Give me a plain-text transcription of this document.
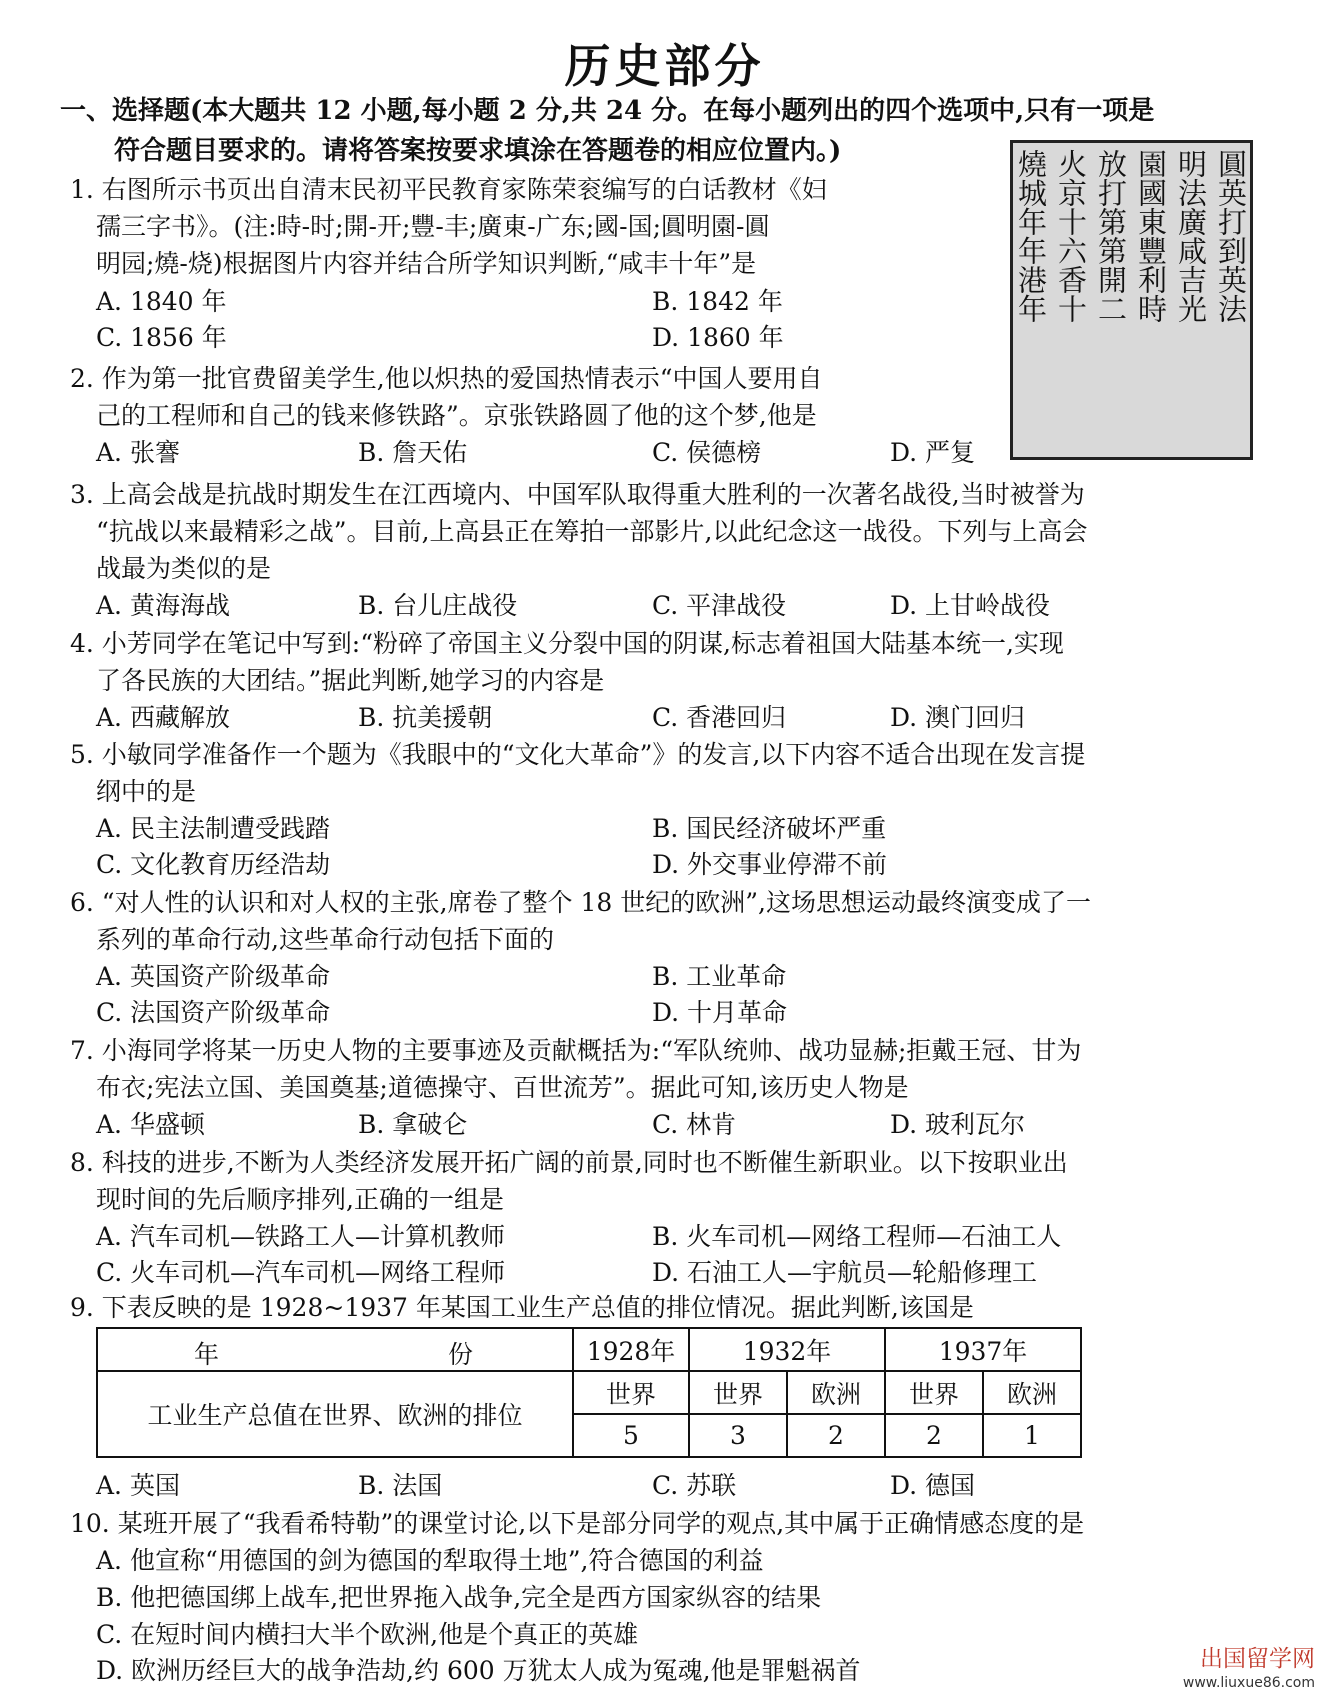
历史部分
一、选择题(本大题共 12 小题,每小题 2 分,共 24 分。在每小题列出的四个选项中,只有一项是
符合题目要求的。请将答案按要求填涂在答题卷的相应位置内。)	圓英打到英法
明法廣咸吉光
園國東豐利時
放打第第開二
火京十六香十
燒城年年港年
1. 右图所示书页出自清末民初平民教育家陈荣衮编写的白话教材《妇
孺三字书》。(注:時-时;開-开;豐-丰;廣東-广东;國-国;圓明園-圓
明园;燒-烧)根据图片内容并结合所学知识判断,“咸丰十年”是
A. 1840 年	B. 1842 年
C. 1856 年	D. 1860 年
2. 作为第一批官费留美学生,他以炽热的爱国热情表示“中国人要用自
己的工程师和自己的钱来修铁路”。京张铁路圆了他的这个梦,他是
A. 张謇	B. 詹天佑	C. 侯德榜	D. 严复
3. 上高会战是抗战时期发生在江西境内、中国军队取得重大胜利的一次著名战役,当时被誉为
“抗战以来最精彩之战”。目前,上高县正在筹拍一部影片,以此纪念这一战役。下列与上高会
战最为类似的是
A. 黄海海战	B. 台儿庄战役	C. 平津战役	D. 上甘岭战役
4. 小芳同学在笔记中写到:“粉碎了帝国主义分裂中国的阴谋,标志着祖国大陆基本统一,实现
了各民族的大团结。”据此判断,她学习的内容是
A. 西藏解放	B. 抗美援朝	C. 香港回归	D. 澳门回归
5. 小敏同学准备作一个题为《我眼中的“文化大革命”》的发言,以下内容不适合出现在发言提
纲中的是
A. 民主法制遭受践踏	B. 国民经济破坏严重
C. 文化教育历经浩劫	D. 外交事业停滞不前
6. “对人性的认识和对人权的主张,席卷了整个 18 世纪的欧洲”,这场思想运动最终演变成了一
系列的革命行动,这些革命行动包括下面的
A. 英国资产阶级革命	B. 工业革命
C. 法国资产阶级革命	D. 十月革命
7. 小海同学将某一历史人物的主要事迹及贡献概括为:“军队统帅、战功显赫;拒戴王冠、甘为
布衣;宪法立国、美国奠基;道德操守、百世流芳”。据此可知,该历史人物是
A. 华盛顿	B. 拿破仑	C. 林肯	D. 玻利瓦尔
8. 科技的进步,不断为人类经济发展开拓广阔的前景,同时也不断催生新职业。以下按职业出
现时间的先后顺序排列,正确的一组是
A. 汽车司机—铁路工人—计算机教师	B. 火车司机—网络工程师—石油工人
C. 火车司机—汽车司机—网络工程师	D. 石油工人—宇航员—轮船修理工
9. 下表反映的是 1928~1937 年某国工业生产总值的排位情况。据此判断,该国是
年 份	1928年	1932年		1937年	
工业生产总值在世界、欧洲的排位	世界	世界	欧洲	世界	欧洲
	5	3	2	2	1
A. 英国	B. 法国	C. 苏联	D. 德国
10. 某班开展了“我看希特勒”的课堂讨论,以下是部分同学的观点,其中属于正确情感态度的是
A. 他宣称“用德国的剑为德国的犁取得土地”,符合德国的利益
B. 他把德国绑上战车,把世界拖入战争,完全是西方国家纵容的结果
C. 在短时间内横扫大半个欧洲,他是个真正的英雄
D. 欧洲历经巨大的战争浩劫,约 600 万犹太人成为冤魂,他是罪魁祸首	出国留学网
www.liuxue86.com
